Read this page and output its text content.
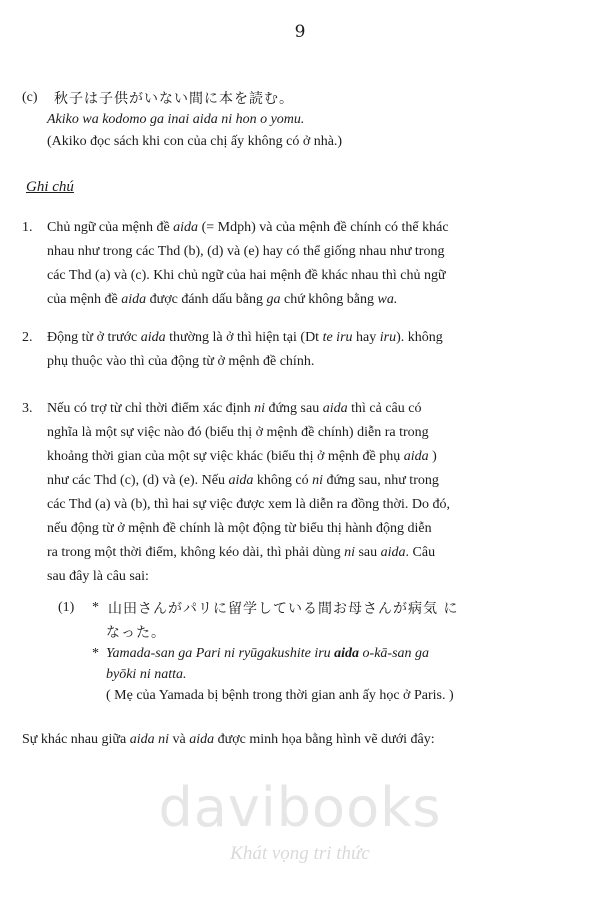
9
(c) 秋子は子供がいない間に本を読む。
Akiko wa kodomo ga inai aida ni hon o yomu.
(Akiko đọc sách khi con của chị ấy không có ở nhà.)
Ghi chú
1. Chủ ngữ của mệnh đề aida (= Mdph) và của mệnh đề chính có thể khác
nhau như trong các Thd (b), (d) và (e) hay có thể giống nhau như trong
các Thd (a) và (c). Khi chủ ngữ của hai mệnh đề khác nhau thì chủ ngữ
của mệnh đề aida được đánh dấu bằng ga chứ không bằng wa.
2. Động từ ở trước aida thường là ở thì hiện tại (Dt te iru hay iru). không
phụ thuộc vào thì của động từ ở mệnh đề chính.
3. Nếu có trợ từ chỉ thời điểm xác định ni đứng sau aida thì cả câu có
nghĩa là một sự việc nào đó (biểu thị ở mệnh đề chính) diễn ra trong
khoảng thời gian của một sự việc khác (biểu thị ở mệnh đề phụ aida )
như các Thd (c), (d) và (e). Nếu aida không có ni đứng sau, như trong
các Thd (a) và (b), thì hai sự việc được xem là diễn ra đồng thời. Do đó,
nếu động từ ở mệnh đề chính là một động từ biểu thị hành động diễn
ra trong một thời điểm, không kéo dài, thì phải dùng ni sau aida. Câu
sau đây là câu sai:
(1) * 山田さんがパリに留学している間お母さんが病気 に
なった。
* Yamada-san ga Pari ni ryūgakushite iru aida o-kā-san ga
byōki ni natta.
( Mẹ của Yamada bị bệnh trong thời gian anh ấy học ở Paris. )
Sự khác nhau giữa aida ni và aida được minh họa bằng hình vẽ dưới đây:
davibooks
Khát vọng tri thức
